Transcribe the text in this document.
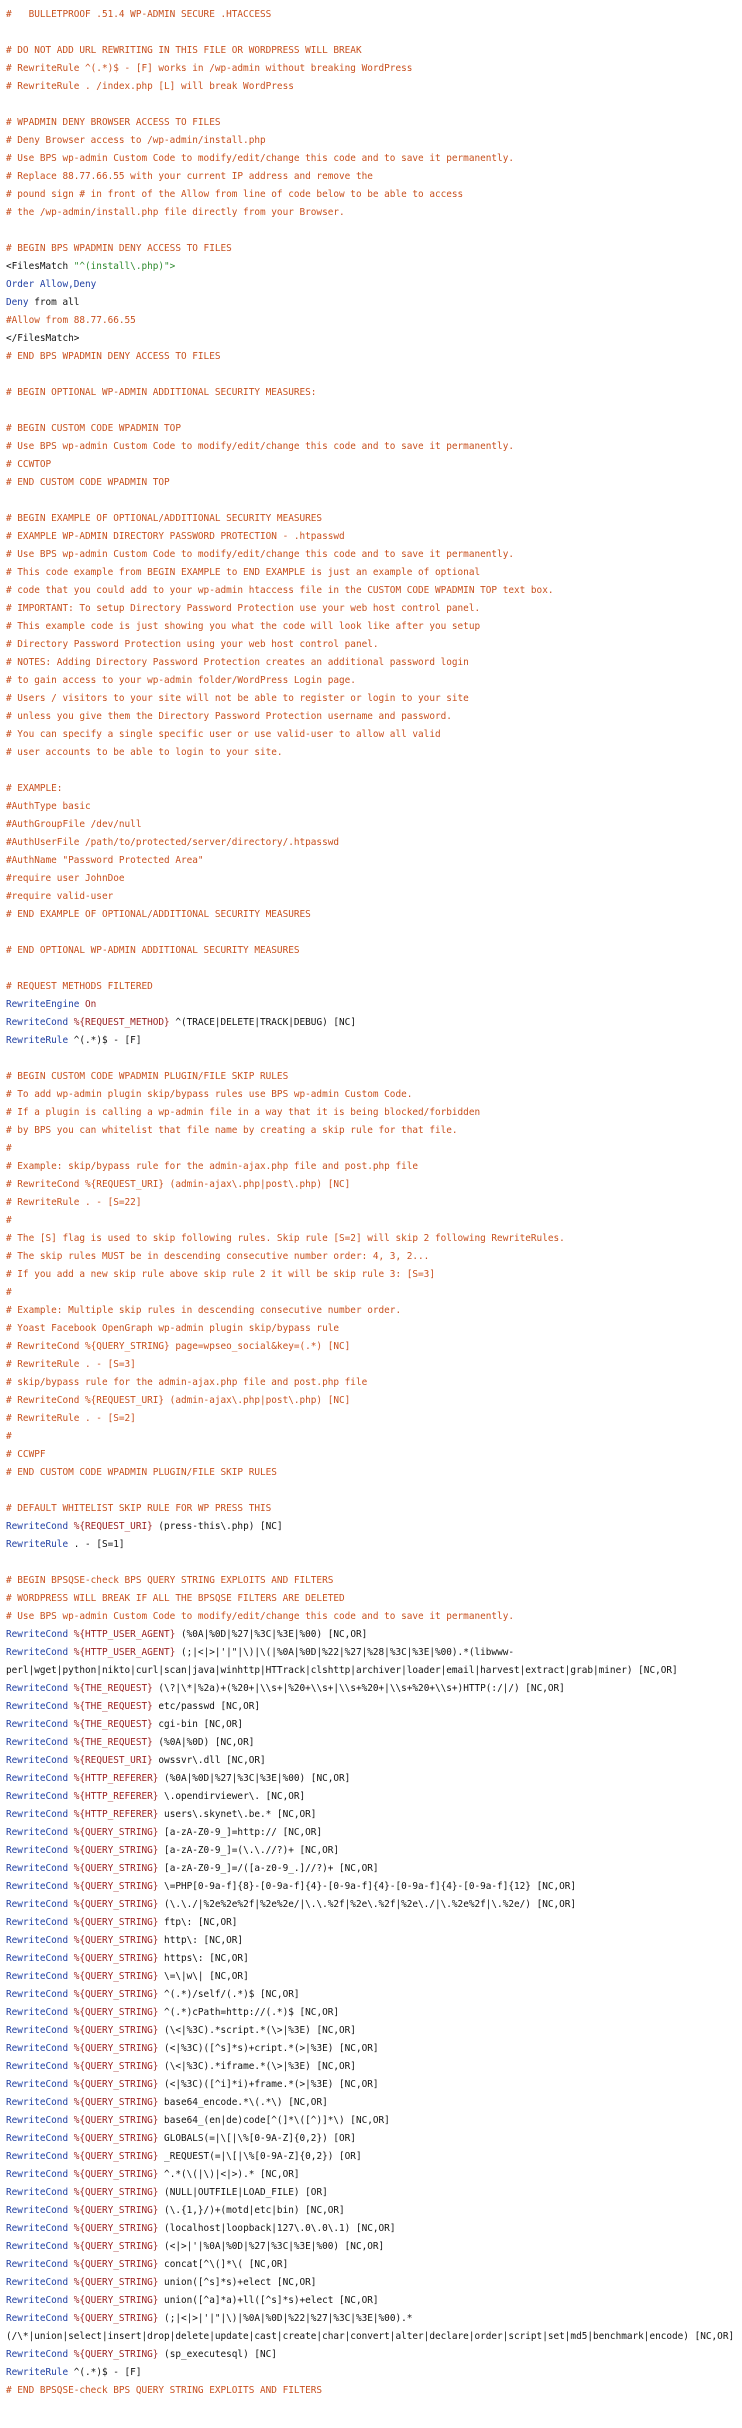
#   BULLETPROOF .51.4 WP-ADMIN SECURE .HTACCESS

# DO NOT ADD URL REWRITING IN THIS FILE OR WORDPRESS WILL BREAK
# RewriteRule ^(.*)$ - [F] works in /wp-admin without breaking WordPress
# RewriteRule . /index.php [L] will break WordPress

# WPADMIN DENY BROWSER ACCESS TO FILES
# Deny Browser access to /wp-admin/install.php
# Use BPS wp-admin Custom Code to modify/edit/change this code and to save it permanently.
# Replace 88.77.66.55 with your current IP address and remove the
# pound sign # in front of the Allow from line of code below to be able to access
# the /wp-admin/install.php file directly from your Browser.

# BEGIN BPS WPADMIN DENY ACCESS TO FILES
<FilesMatch "^(install\.php)">
Order Allow,Deny
Deny from all
#Allow from 88.77.66.55
</FilesMatch>
# END BPS WPADMIN DENY ACCESS TO FILES

# BEGIN OPTIONAL WP-ADMIN ADDITIONAL SECURITY MEASURES:

# BEGIN CUSTOM CODE WPADMIN TOP
# Use BPS wp-admin Custom Code to modify/edit/change this code and to save it permanently.
# CCWTOP
# END CUSTOM CODE WPADMIN TOP

# BEGIN EXAMPLE OF OPTIONAL/ADDITIONAL SECURITY MEASURES
# EXAMPLE WP-ADMIN DIRECTORY PASSWORD PROTECTION - .htpasswd
# Use BPS wp-admin Custom Code to modify/edit/change this code and to save it permanently.
# This code example from BEGIN EXAMPLE to END EXAMPLE is just an example of optional
# code that you could add to your wp-admin htaccess file in the CUSTOM CODE WPADMIN TOP text box.
# IMPORTANT: To setup Directory Password Protection use your web host control panel.
# This example code is just showing you what the code will look like after you setup
# Directory Password Protection using your web host control panel.
# NOTES: Adding Directory Password Protection creates an additional password login
# to gain access to your wp-admin folder/WordPress Login page.
# Users / visitors to your site will not be able to register or login to your site
# unless you give them the Directory Password Protection username and password.
# You can specify a single specific user or use valid-user to allow all valid
# user accounts to be able to login to your site.

# EXAMPLE:
#AuthType basic
#AuthGroupFile /dev/null
#AuthUserFile /path/to/protected/server/directory/.htpasswd
#AuthName "Password Protected Area"
#require user JohnDoe
#require valid-user
# END EXAMPLE OF OPTIONAL/ADDITIONAL SECURITY MEASURES

# END OPTIONAL WP-ADMIN ADDITIONAL SECURITY MEASURES

# REQUEST METHODS FILTERED
RewriteEngine On
RewriteCond %{REQUEST_METHOD} ^(TRACE|DELETE|TRACK|DEBUG) [NC]
RewriteRule ^(.*)$ - [F]

# BEGIN CUSTOM CODE WPADMIN PLUGIN/FILE SKIP RULES
# To add wp-admin plugin skip/bypass rules use BPS wp-admin Custom Code.
# If a plugin is calling a wp-admin file in a way that it is being blocked/forbidden
# by BPS you can whitelist that file name by creating a skip rule for that file.
#
# Example: skip/bypass rule for the admin-ajax.php file and post.php file
# RewriteCond %{REQUEST_URI} (admin-ajax\.php|post\.php) [NC]
# RewriteRule . - [S=22]
#
# The [S] flag is used to skip following rules. Skip rule [S=2] will skip 2 following RewriteRules.
# The skip rules MUST be in descending consecutive number order: 4, 3, 2...
# If you add a new skip rule above skip rule 2 it will be skip rule 3: [S=3]
#
# Example: Multiple skip rules in descending consecutive number order.
# Yoast Facebook OpenGraph wp-admin plugin skip/bypass rule
# RewriteCond %{QUERY_STRING} page=wpseo_social&key=(.*) [NC]
# RewriteRule . - [S=3]
# skip/bypass rule for the admin-ajax.php file and post.php file
# RewriteCond %{REQUEST_URI} (admin-ajax\.php|post\.php) [NC]
# RewriteRule . - [S=2]
#
# CCWPF
# END CUSTOM CODE WPADMIN PLUGIN/FILE SKIP RULES

# DEFAULT WHITELIST SKIP RULE FOR WP PRESS THIS
RewriteCond %{REQUEST_URI} (press-this\.php) [NC]
RewriteRule . - [S=1]

# BEGIN BPSQSE-check BPS QUERY STRING EXPLOITS AND FILTERS
# WORDPRESS WILL BREAK IF ALL THE BPSQSE FILTERS ARE DELETED
# Use BPS wp-admin Custom Code to modify/edit/change this code and to save it permanently.
RewriteCond %{HTTP_USER_AGENT} (%0A|%0D|%27|%3C|%3E|%00) [NC,OR]
RewriteCond %{HTTP_USER_AGENT} (;|<|>|'|"|\)|\(|%0A|%0D|%22|%27|%28|%3C|%3E|%00).*(libwww-
perl|wget|python|nikto|curl|scan|java|winhttp|HTTrack|clshttp|archiver|loader|email|harvest|extract|grab|miner) [NC,OR]
RewriteCond %{THE_REQUEST} (\?|\*|%2a)+(%20+|\\s+|%20+\\s+|\\s+%20+|\\s+%20+\\s+)HTTP(:/|/) [NC,OR]
RewriteCond %{THE_REQUEST} etc/passwd [NC,OR]
RewriteCond %{THE_REQUEST} cgi-bin [NC,OR]
RewriteCond %{THE_REQUEST} (%0A|%0D) [NC,OR]
RewriteCond %{REQUEST_URI} owssvr\.dll [NC,OR]
RewriteCond %{HTTP_REFERER} (%0A|%0D|%27|%3C|%3E|%00) [NC,OR]
RewriteCond %{HTTP_REFERER} \.opendirviewer\. [NC,OR]
RewriteCond %{HTTP_REFERER} users\.skynet\.be.* [NC,OR]
RewriteCond %{QUERY_STRING} [a-zA-Z0-9_]=http:// [NC,OR]
RewriteCond %{QUERY_STRING} [a-zA-Z0-9_]=(\.\.//?)+ [NC,OR]
RewriteCond %{QUERY_STRING} [a-zA-Z0-9_]=/([a-z0-9_.]//?)+ [NC,OR]
RewriteCond %{QUERY_STRING} \=PHP[0-9a-f]{8}-[0-9a-f]{4}-[0-9a-f]{4}-[0-9a-f]{4}-[0-9a-f]{12} [NC,OR]
RewriteCond %{QUERY_STRING} (\.\./|%2e%2e%2f|%2e%2e/|\.\.%2f|%2e\.%2f|%2e\./|\.%2e%2f|\.%2e/) [NC,OR]
RewriteCond %{QUERY_STRING} ftp\: [NC,OR]
RewriteCond %{QUERY_STRING} http\: [NC,OR]
RewriteCond %{QUERY_STRING} https\: [NC,OR]
RewriteCond %{QUERY_STRING} \=\|w\| [NC,OR]
RewriteCond %{QUERY_STRING} ^(.*)/self/(.*)$ [NC,OR]
RewriteCond %{QUERY_STRING} ^(.*)cPath=http://(.*)$ [NC,OR]
RewriteCond %{QUERY_STRING} (\<|%3C).*script.*(\>|%3E) [NC,OR]
RewriteCond %{QUERY_STRING} (<|%3C)([^s]*s)+cript.*(>|%3E) [NC,OR]
RewriteCond %{QUERY_STRING} (\<|%3C).*iframe.*(\>|%3E) [NC,OR]
RewriteCond %{QUERY_STRING} (<|%3C)([^i]*i)+frame.*(>|%3E) [NC,OR]
RewriteCond %{QUERY_STRING} base64_encode.*\(.*\) [NC,OR]
RewriteCond %{QUERY_STRING} base64_(en|de)code[^(]*\([^)]*\) [NC,OR]
RewriteCond %{QUERY_STRING} GLOBALS(=|\[|\%[0-9A-Z]{0,2}) [OR]
RewriteCond %{QUERY_STRING} _REQUEST(=|\[|\%[0-9A-Z]{0,2}) [OR]
RewriteCond %{QUERY_STRING} ^.*(\(|\)|<|>).* [NC,OR]
RewriteCond %{QUERY_STRING} (NULL|OUTFILE|LOAD_FILE) [OR]
RewriteCond %{QUERY_STRING} (\.{1,}/)+(motd|etc|bin) [NC,OR]
RewriteCond %{QUERY_STRING} (localhost|loopback|127\.0\.0\.1) [NC,OR]
RewriteCond %{QUERY_STRING} (<|>|'|%0A|%0D|%27|%3C|%3E|%00) [NC,OR]
RewriteCond %{QUERY_STRING} concat[^\(]*\( [NC,OR]
RewriteCond %{QUERY_STRING} union([^s]*s)+elect [NC,OR]
RewriteCond %{QUERY_STRING} union([^a]*a)+ll([^s]*s)+elect [NC,OR]
RewriteCond %{QUERY_STRING} (;|<|>|'|"|\)|%0A|%0D|%22|%27|%3C|%3E|%00).*
(/\*|union|select|insert|drop|delete|update|cast|create|char|convert|alter|declare|order|script|set|md5|benchmark|encode) [NC,OR]
RewriteCond %{QUERY_STRING} (sp_executesql) [NC]
RewriteRule ^(.*)$ - [F]
# END BPSQSE-check BPS QUERY STRING EXPLOITS AND FILTERS
